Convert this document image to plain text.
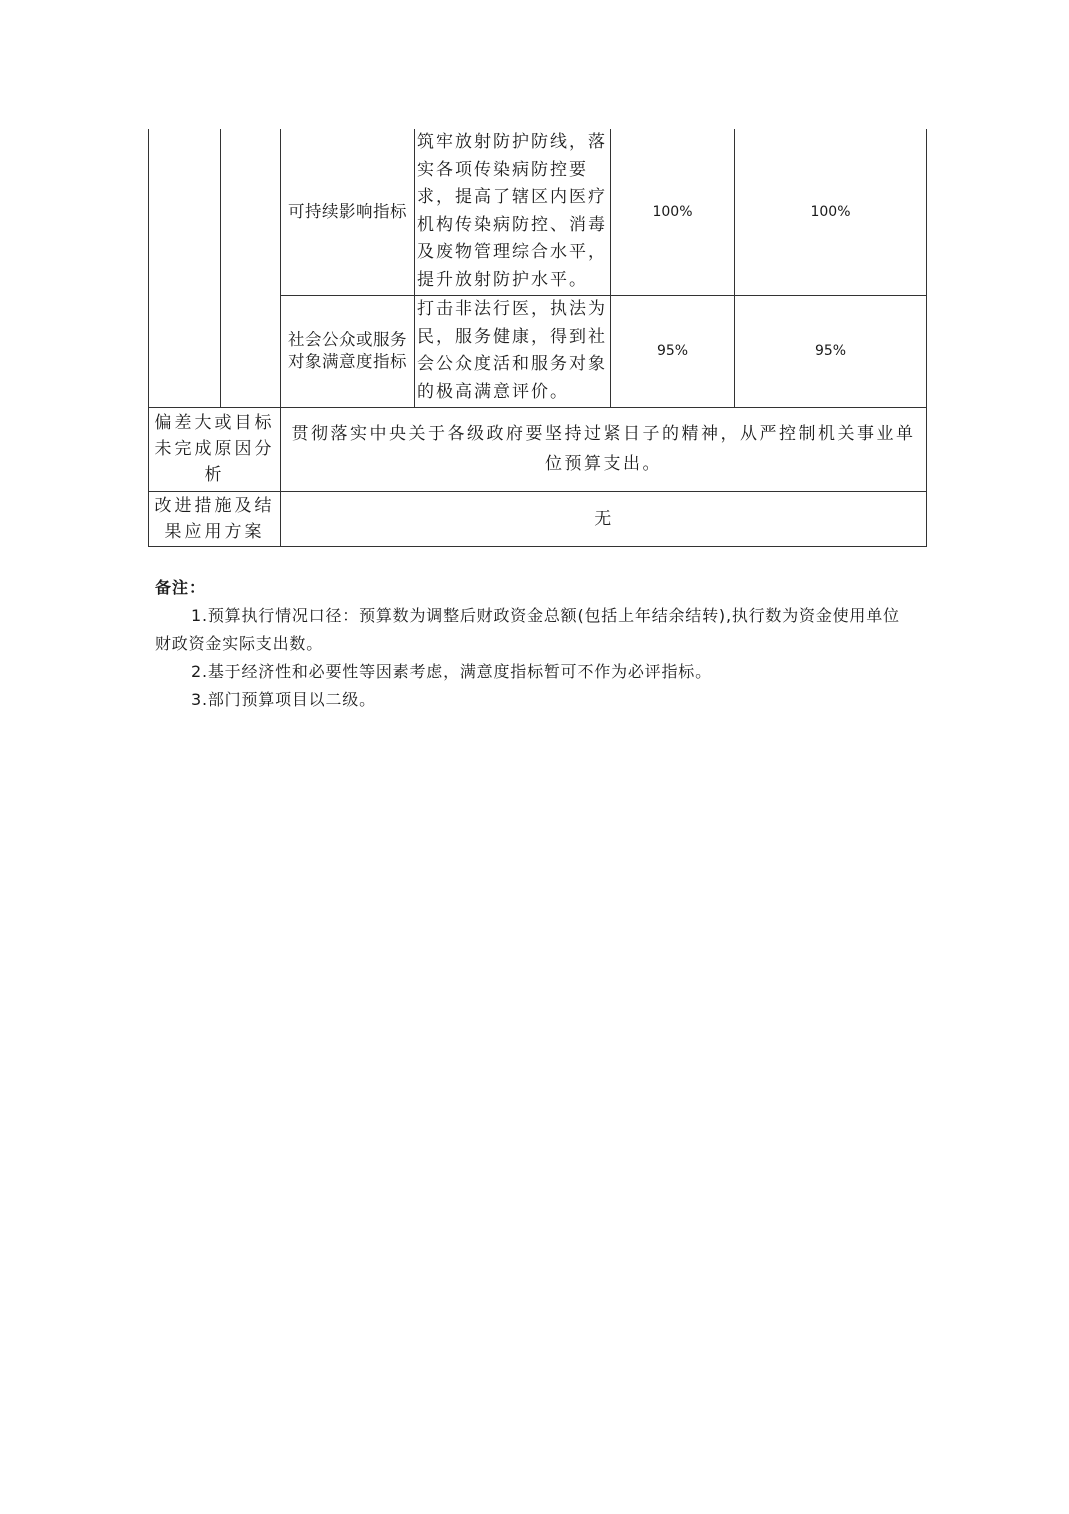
		可持续影响指标	筑牢放射防护防线，落实各项传染病防控要求，提高了辖区内医疗机构传染病防控、消毒及废物管理综合水平，提升放射防护水平。	100%	100%
		社会公众或服务对象满意度指标	打击非法行医，执法为民，服务健康，得到社会公众度活和服务对象的极高满意评价。	95%	95%
偏差大或目标未完成原因分析		贯彻落实中央关于各级政府要坚持过紧日子的精神，从严控制机关事业单位预算支出。			
改进措施及结果应用方案		无			
备注：

1.预算执行情况口径：预算数为调整后财政资金总额(包括上年结余结转),执行数为资金使用单位财政资金实际支出数。

2.基于经济性和必要性等因素考虑，满意度指标暂可不作为必评指标。

3.部门预算项目以二级。
